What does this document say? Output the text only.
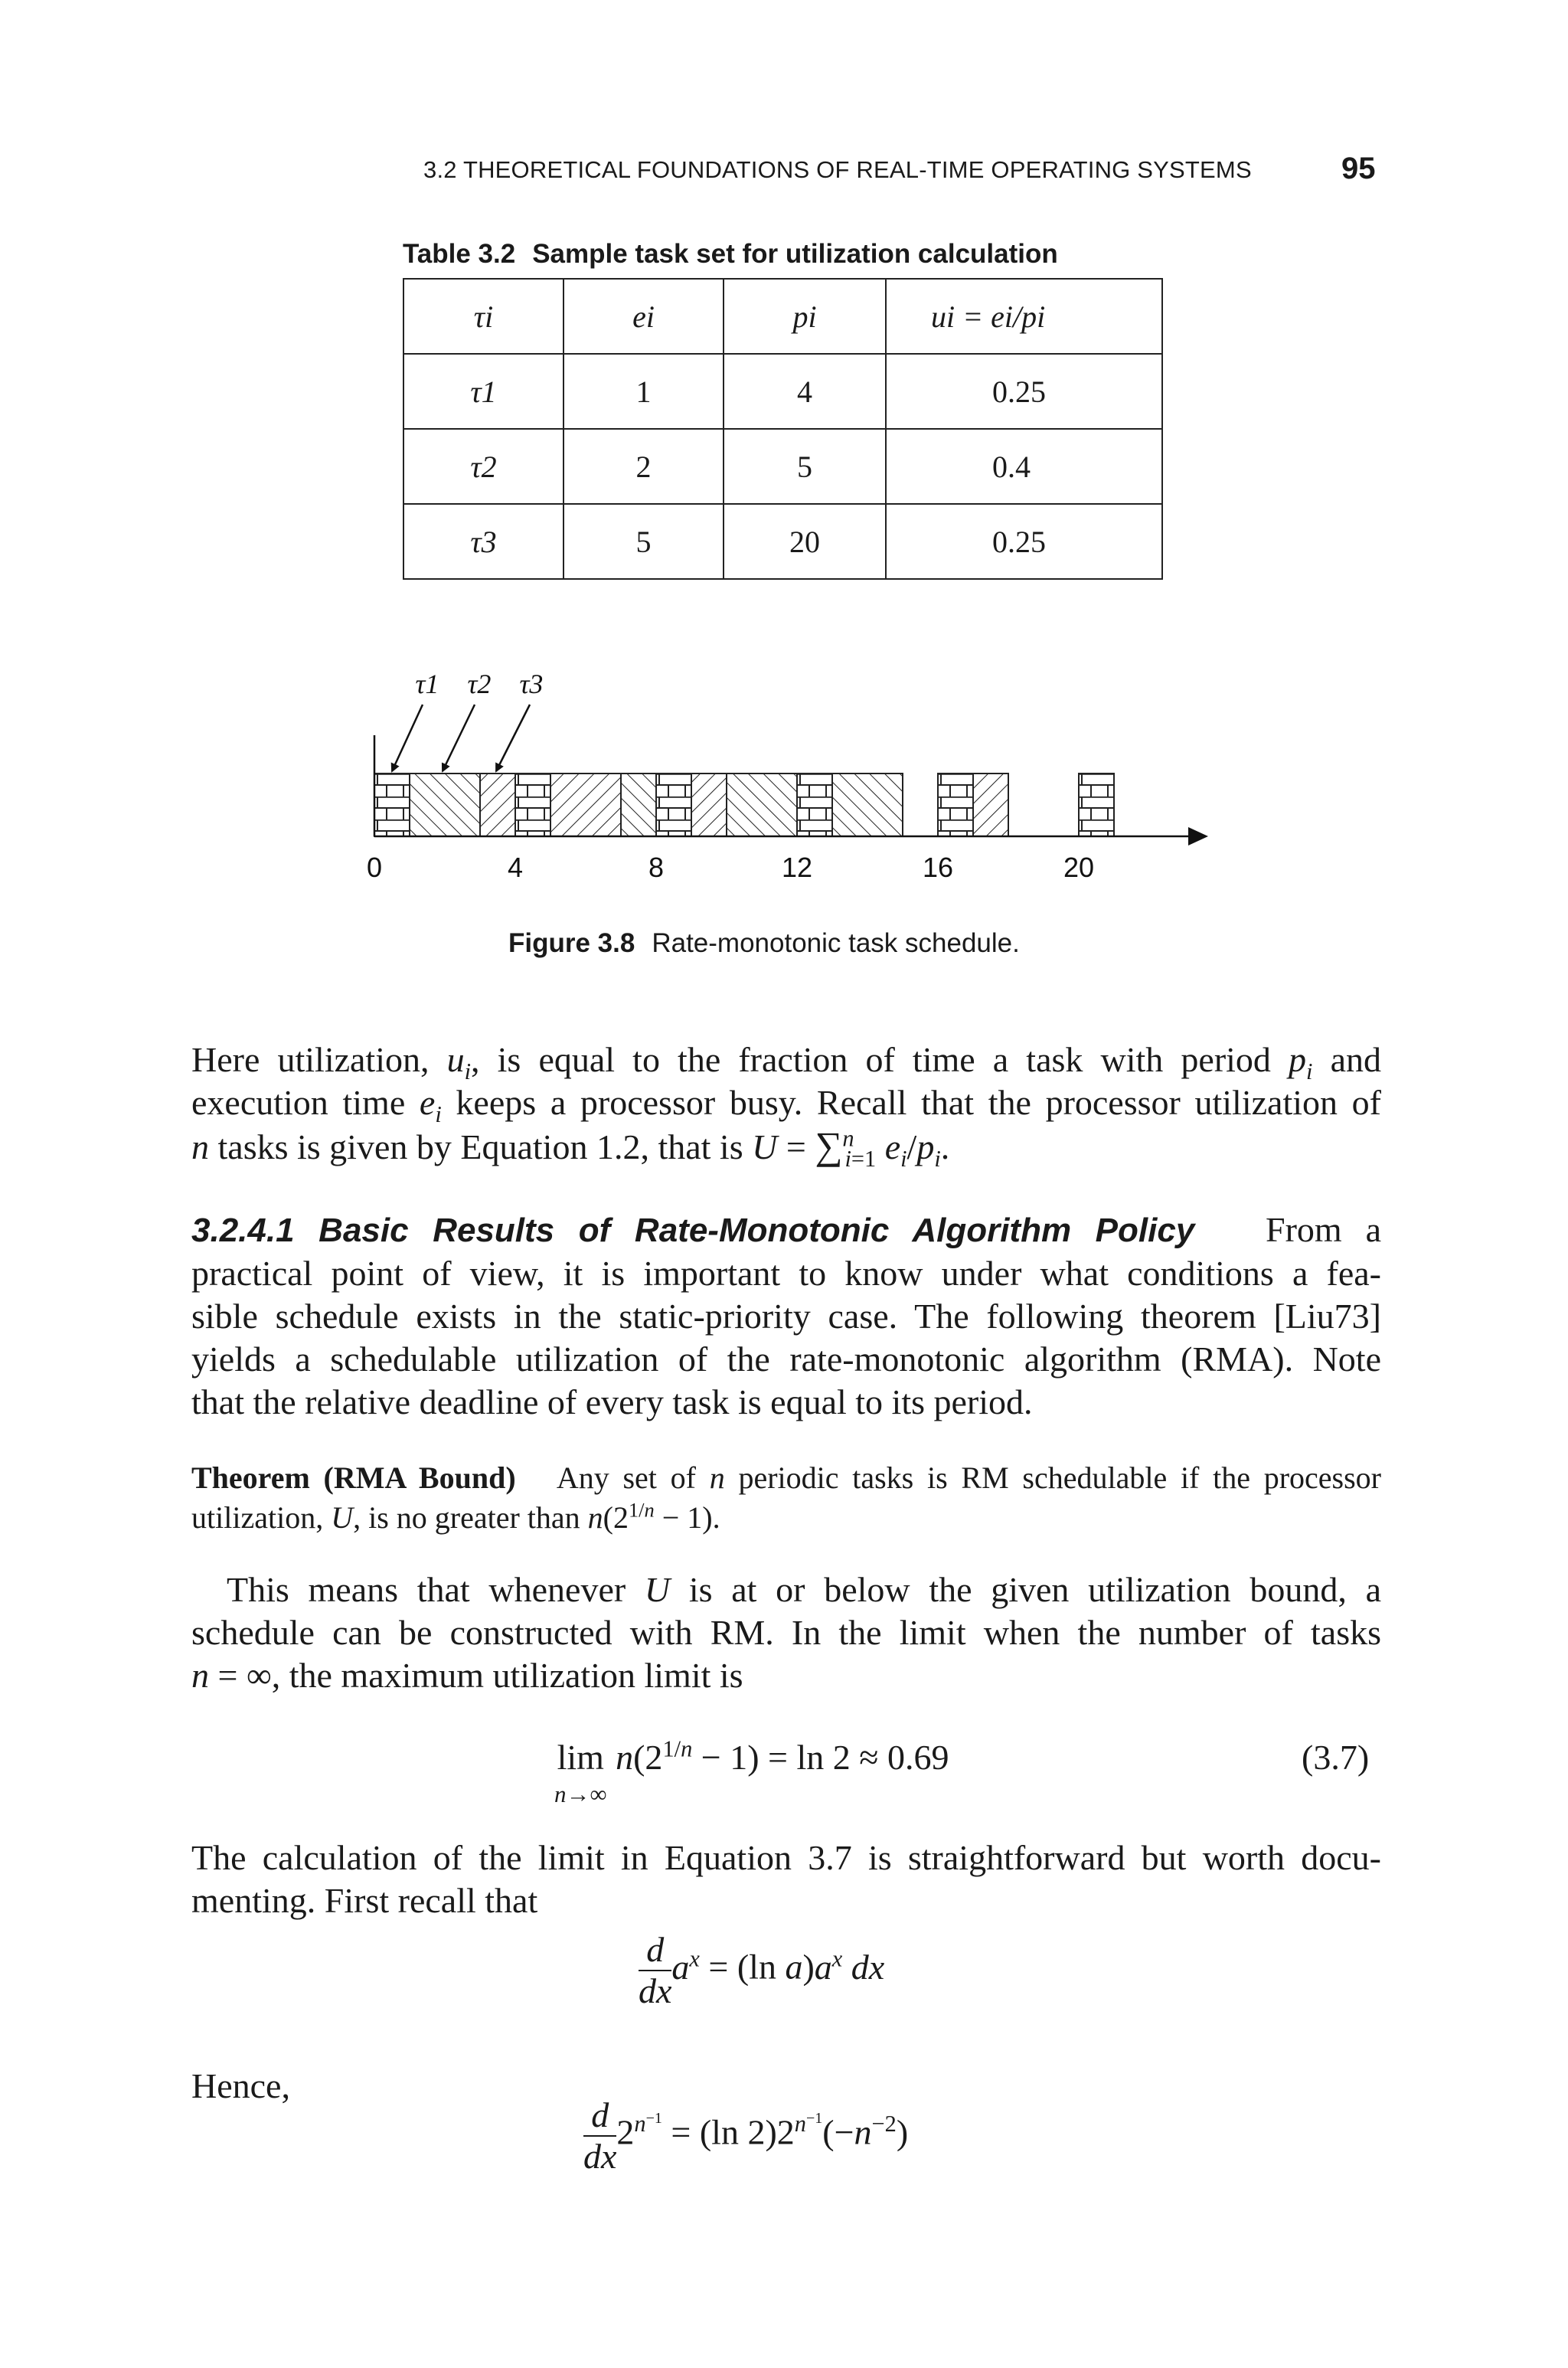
3.2 THEORETICAL FOUNDATIONS OF REAL-TIME OPERATING SYSTEMS	95
Table 3.2 Sample task set for utilization calculation
τi	ei	pi	ui = ei/pi
τ1	1	4	0.25
τ2	2	5	0.4
τ3	5	20	0.25
τ1 τ2 τ3
0	4	8	12	16	20
Figure 3.8 Rate-monotonic task schedule.
Here utilization, $u_i$, is equal to the fraction of time a task with period $p_i$ and
execution time $e_i$ keeps a processor busy. Recall that the processor utilization of
n tasks is given by Equation 1.2, that is U = ∑$^n_{i=1}$ $e_i/p_i$.
3.2.4.1 Basic Results of Rate-Monotonic Algorithm Policy From a
practical point of view, it is important to know under what conditions a fea-
sible schedule exists in the static-priority case. The following theorem [Liu73]
yields a schedulable utilization of the rate-monotonic algorithm (RMA). Note
that the relative deadline of every task is equal to its period.
Theorem (RMA Bound)   Any set of n periodic tasks is RM schedulable if the processor
utilization, U, is no greater than $n(2^{1/n} - 1)$.
This means that whenever U is at or below the given utilization bound, a
schedule can be constructed with RM. In the limit when the number of tasks
n = ∞, the maximum utilization limit is
lim
$^{n\to\infty}$ $n(2^{1/n} - 1) = \ln 2 \approx 0.69$	(3.7)
The calculation of the limit in Equation 3.7 is straightforward but worth docu-
menting. First recall that
$\frac{d}{dx} a^x = (\ln$ $a)a^x$ dx
Hence,
$\frac{d}{dx} 2^{n^{-1}} = (\ln$ $2)2^{n^{-1}}(-n^{-2})$
